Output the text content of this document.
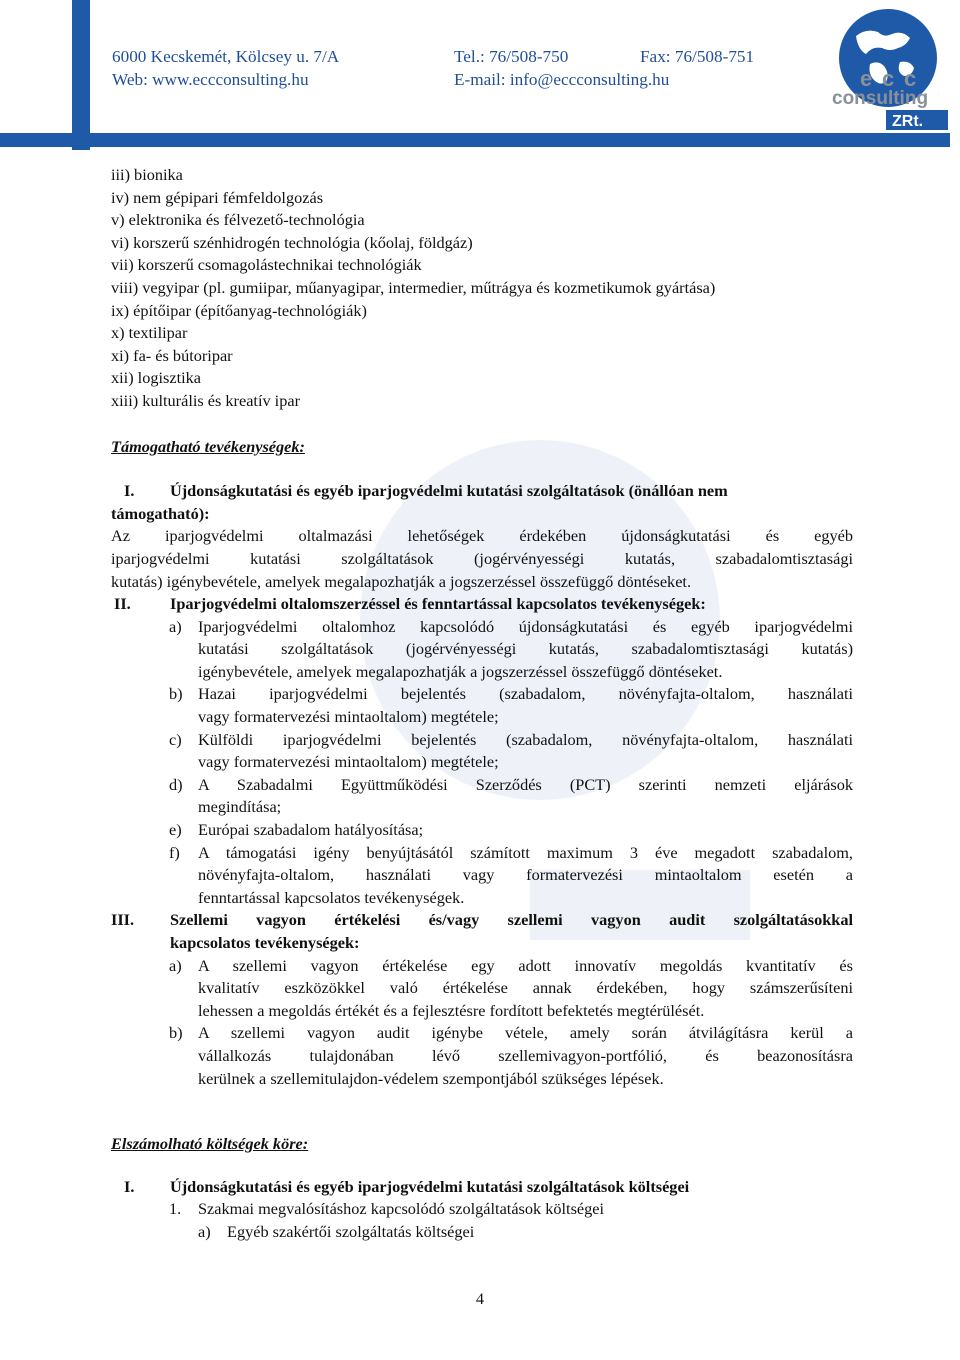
6000 Kecskemét, Kölcsey u. 7/A	Tel.: 76/508-750	Fax: 76/508-751
Web: www.eccconsulting.hu	E-mail: info@eccconsulting.hu	e c c
consulting
ZRt.
iii) bionika
iv) nem gépipari fémfeldolgozás
v) elektronika és félvezető-technológia
vi) korszerű szénhidrogén technológia (kőolaj, földgáz)
vii) korszerű csomagolástechnikai technológiák
viii) vegyipar (pl. gumiipar, műanyagipar, intermedier, műtrágya és kozmetikumok gyártása)
ix) építőipar (építőanyag-technológiák)
x) textilipar
xi) fa- és bútoripar
xii) logisztika
xiii) kulturális és kreatív ipar
Támogatható tevékenységek:
I. Újdonságkutatási és egyéb iparjogvédelmi kutatási szolgáltatások (önállóan nem
támogatható):
Az iparjogvédelmi oltalmazási lehetőségek érdekében újdonságkutatási és egyéb
iparjogvédelmi kutatási szolgáltatások (jogérvényességi kutatás, szabadalomtisztasági
kutatás) igénybevétele, amelyek megalapozhatják a jogszerzéssel összefüggő döntéseket.
II. Iparjogvédelmi oltalomszerzéssel és fenntartással kapcsolatos tevékenységek:
a) Iparjogvédelmi oltalomhoz kapcsolódó újdonságkutatási és egyéb iparjogvédelmi
kutatási szolgáltatások (jogérvényességi kutatás, szabadalomtisztasági kutatás)
igénybevétele, amelyek megalapozhatják a jogszerzéssel összefüggő döntéseket.
b) Hazai iparjogvédelmi bejelentés (szabadalom, növényfajta-oltalom, használati
vagy formatervezési mintaoltalom) megtétele;
c) Külföldi iparjogvédelmi bejelentés (szabadalom, növényfajta-oltalom, használati
vagy formatervezési mintaoltalom) megtétele;
d) A Szabadalmi Együttműködési Szerződés (PCT) szerinti nemzeti eljárások
megindítása;
e) Európai szabadalom hatályosítása;
f) A támogatási igény benyújtásától számított maximum 3 éve megadott szabadalom,
növényfajta-oltalom, használati vagy formatervezési mintaoltalom esetén a
fenntartással kapcsolatos tevékenységek.
III. Szellemi vagyon értékelési és/vagy szellemi vagyon audit szolgáltatásokkal
kapcsolatos tevékenységek:
a) A szellemi vagyon értékelése egy adott innovatív megoldás kvantitatív és
kvalitatív eszközökkel való értékelése annak érdekében, hogy számszerűsíteni
lehessen a megoldás értékét és a fejlesztésre fordított befektetés megtérülését.
b) A szellemi vagyon audit igénybe vétele, amely során átvilágításra kerül a
vállalkozás tulajdonában lévő szellemivagyon-portfólió, és beazonosításra
kerülnek a szellemitulajdon-védelem szempontjából szükséges lépések.
Elszámolható költségek köre:
I. Újdonságkutatási és egyéb iparjogvédelmi kutatási szolgáltatások költségei
1. Szakmai megvalósításhoz kapcsolódó szolgáltatások költségei
a) Egyéb szakértői szolgáltatás költségei
4
